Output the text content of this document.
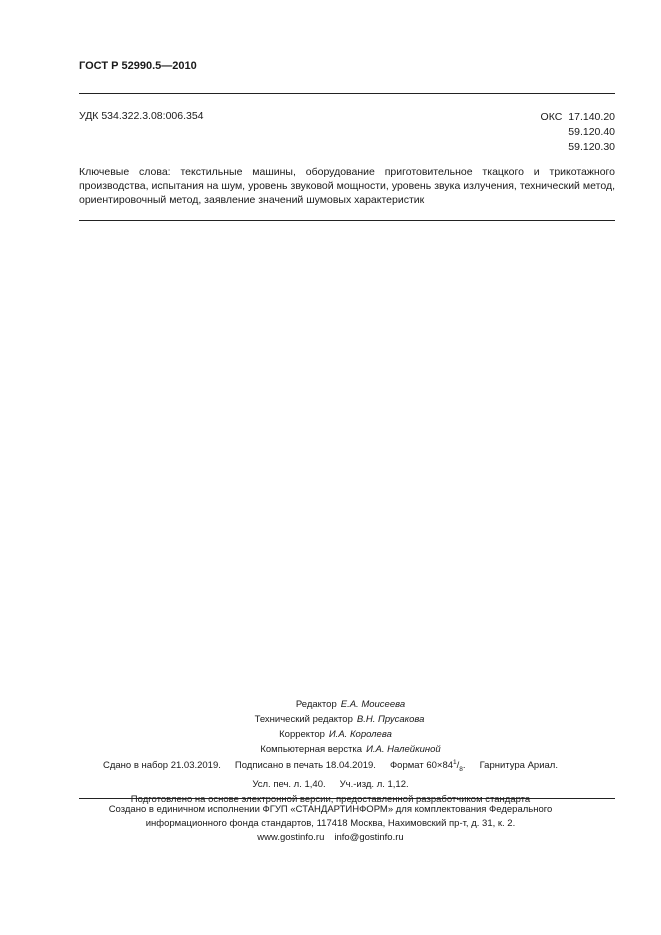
ГОСТ Р 52990.5—2010
УДК 534.322.3.08:006.354	ОКС 17.140.20
59.120.40
59.120.30
Ключевые слова: текстильные машины, оборудование приготовительное ткацкого и трикотажного производства, испытания на шум, уровень звуковой мощности, уровень звука излучения, технический метод, ориентировочный метод, заявление значений шумовых характеристик
Редактор Е.А. Моисеева
Технический редактор В.Н. Прусакова
Корректор И.А. Королева
Компьютерная верстка И.А. Налейкиной
Сдано в набор 21.03.2019. Подписано в печать 18.04.2019. Формат $60\times 84^1/_8$. Гарнитура Ариал.
Усл. печ. л. 1,40. Уч.-изд. л. 1,12.
Подготовлено на основе электронной версии, предоставленной разработчиком стандарта
Создано в единичном исполнении ФГУП «СТАНДАРТИНФОРМ» для комплектования Федерального
информационного фонда стандартов, 117418 Москва, Нахимовский пр-т, д. 31, к. 2.
www.gostinfo.ru info@gostinfo.ru
